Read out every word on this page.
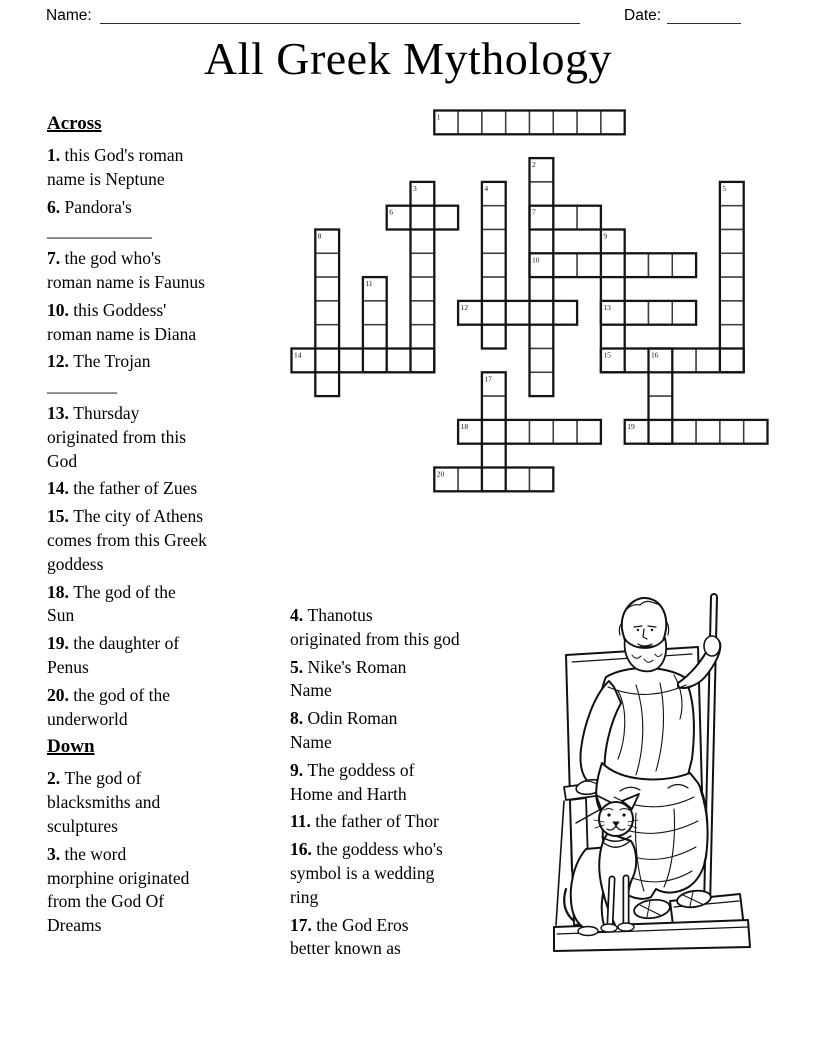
Name:	Date:
All Greek Mythology
1
2
3	4	5
6	7
8	9
10
11
12	13
14	15	16
17
18	19
20
Across

1. this God's roman
name is Neptune

6. Pandora's
____________

7. the god who's
roman name is Faunus

10. this Goddess'
roman name is Diana

12. The Trojan
________

13. Thursday
originated from this
God

14. the father of Zues

15. The city of Athens
comes from this Greek
goddess

18. The god of the
Sun

19. the daughter of
Penus

20. the god of the
underworld

Down

2. The god of
blacksmiths and
sculptures

3. the word
morphine originated
from the God Of
Dreams

4. Thanotus
originated from this god

5. Nike's Roman
Name

8. Odin Roman
Name

9. The goddess of
Home and Harth

11. the father of Thor

16. the goddess who's
symbol is a wedding
ring

17. the God Eros
better known as
